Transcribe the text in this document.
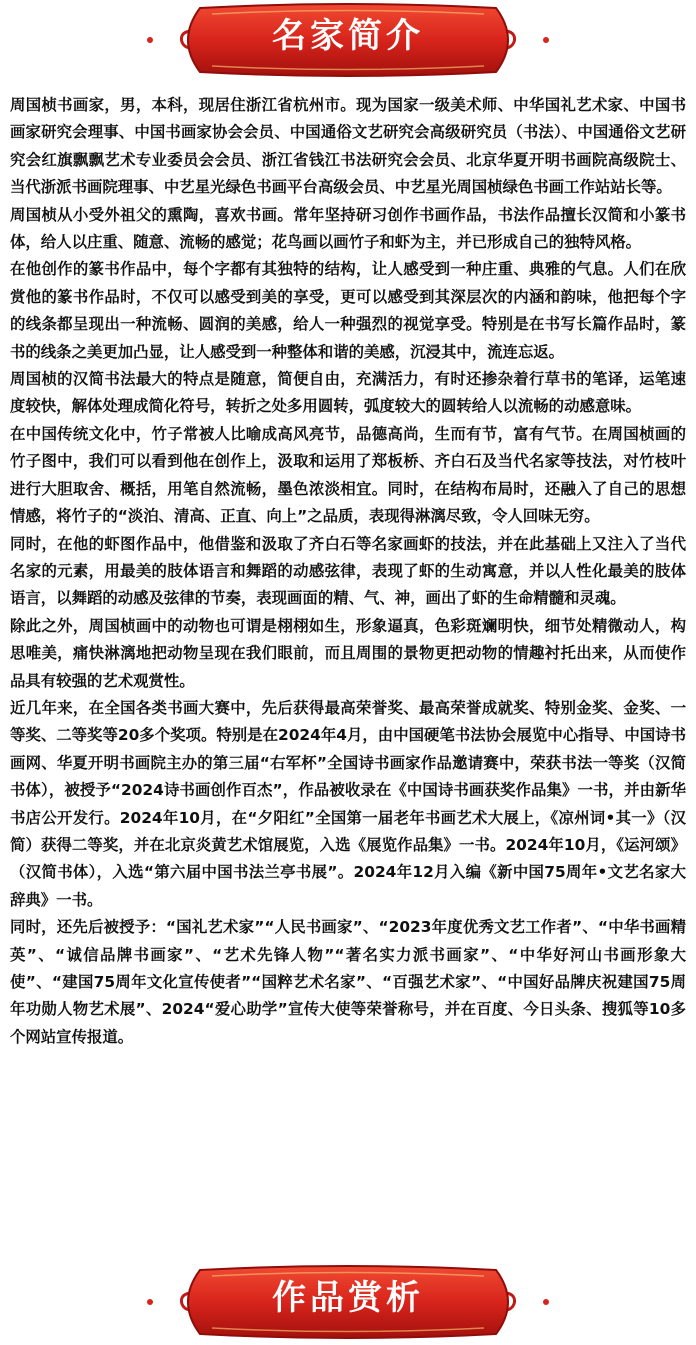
名家简介

周国桢书画家，男，本科，现居住浙江省杭州市。现为国家一级美术师、中华国礼艺术家、中国书画家研究会理事、中国书画家协会会员、中国通俗文艺研究会高级研究员（书法）、中国通俗文艺研究会红旗飘飘艺术专业委员会会员、浙江省钱江书法研究会会员、北京华夏开明书画院高级院士、当代浙派书画院理事、中艺星光绿色书画平台高级会员、中艺星光周国桢绿色书画工作站站长等。

周国桢从小受外祖父的熏陶，喜欢书画。常年坚持研习创作书画作品，书法作品擅长汉简和小篆书体，给人以庄重、随意、流畅的感觉；花鸟画以画竹子和虾为主，并已形成自己的独特风格。

在他创作的篆书作品中，每个字都有其独特的结构，让人感受到一种庄重、典雅的气息。人们在欣赏他的篆书作品时，不仅可以感受到美的享受，更可以感受到其深层次的内涵和韵味，他把每个字的线条都呈现出一种流畅、圆润的美感，给人一种强烈的视觉享受。特别是在书写长篇作品时，篆书的线条之美更加凸显，让人感受到一种整体和谐的美感，沉浸其中，流连忘返。

周国桢的汉简书法最大的特点是随意，简便自由，充满活力，有时还掺杂着行草书的笔译，运笔速度较快，解体处理成简化符号，转折之处多用圆转，弧度较大的圆转给人以流畅的动感意味。

在中国传统文化中，竹子常被人比喻成高风亮节，品德高尚，生而有节，富有气节。在周国桢画的竹子图中，我们可以看到他在创作上，汲取和运用了郑板桥、齐白石及当代名家等技法，对竹枝叶进行大胆取舍、概括，用笔自然流畅，墨色浓淡相宜。同时，在结构布局时，还融入了自己的思想情感，将竹子的“淡泊、清高、正直、向上”之品质，表现得淋漓尽致，令人回味无穷。

同时，在他的虾图作品中，他借鉴和汲取了齐白石等名家画虾的技法，并在此基础上又注入了当代名家的元素，用最美的肢体语言和舞蹈的动感弦律，表现了虾的生动寓意，并以人性化最美的肢体语言，以舞蹈的动感及弦律的节奏，表现画面的精、气、神，画出了虾的生命精髓和灵魂。

除此之外，周国桢画中的动物也可谓是栩栩如生，形象逼真，色彩斑斓明快，细节处精微动人，构思唯美，痛快淋漓地把动物呈现在我们眼前，而且周围的景物更把动物的情趣衬托出来，从而使作品具有较强的艺术观赏性。

近几年来，在全国各类书画大赛中，先后获得最高荣誉奖、最高荣誉成就奖、特别金奖、金奖、一等奖、二等奖等20多个奖项。特别是在2024年4月，由中国硬笔书法协会展览中心指导、中国诗书画网、华夏开明书画院主办的第三届“右军杯”全国诗书画家作品邀请赛中，荣获书法一等奖（汉简书体），被授予“2024诗书画创作百杰”，作品被收录在《中国诗书画获奖作品集》一书，并由新华书店公开发行。2024年10月，在“夕阳红”全国第一届老年书画艺术大展上，《凉州词•其一》（汉简）获得二等奖，并在北京炎黄艺术馆展览，入选《展览作品集》一书。2024年10月，《运河颂》（汉简书体），入选“第六届中国书法兰亭书展”。2024年12月入编《新中国75周年•文艺名家大辞典》一书。

同时，还先后被授予：“国礼艺术家”“人民书画家”、“2023年度优秀文艺工作者”、“中华书画精英”、“诚信品牌书画家”、“艺术先锋人物”“著名实力派书画家”、“中华好河山书画形象大使”、“建国75周年文化宣传使者”“国粹艺术名家”、“百强艺术家”、“中国好品牌庆祝建国75周年功勋人物艺术展”、2024“爱心助学”宣传大使等荣誉称号，并在百度、今日头条、搜狐等10多个网站宣传报道。

作品赏析
